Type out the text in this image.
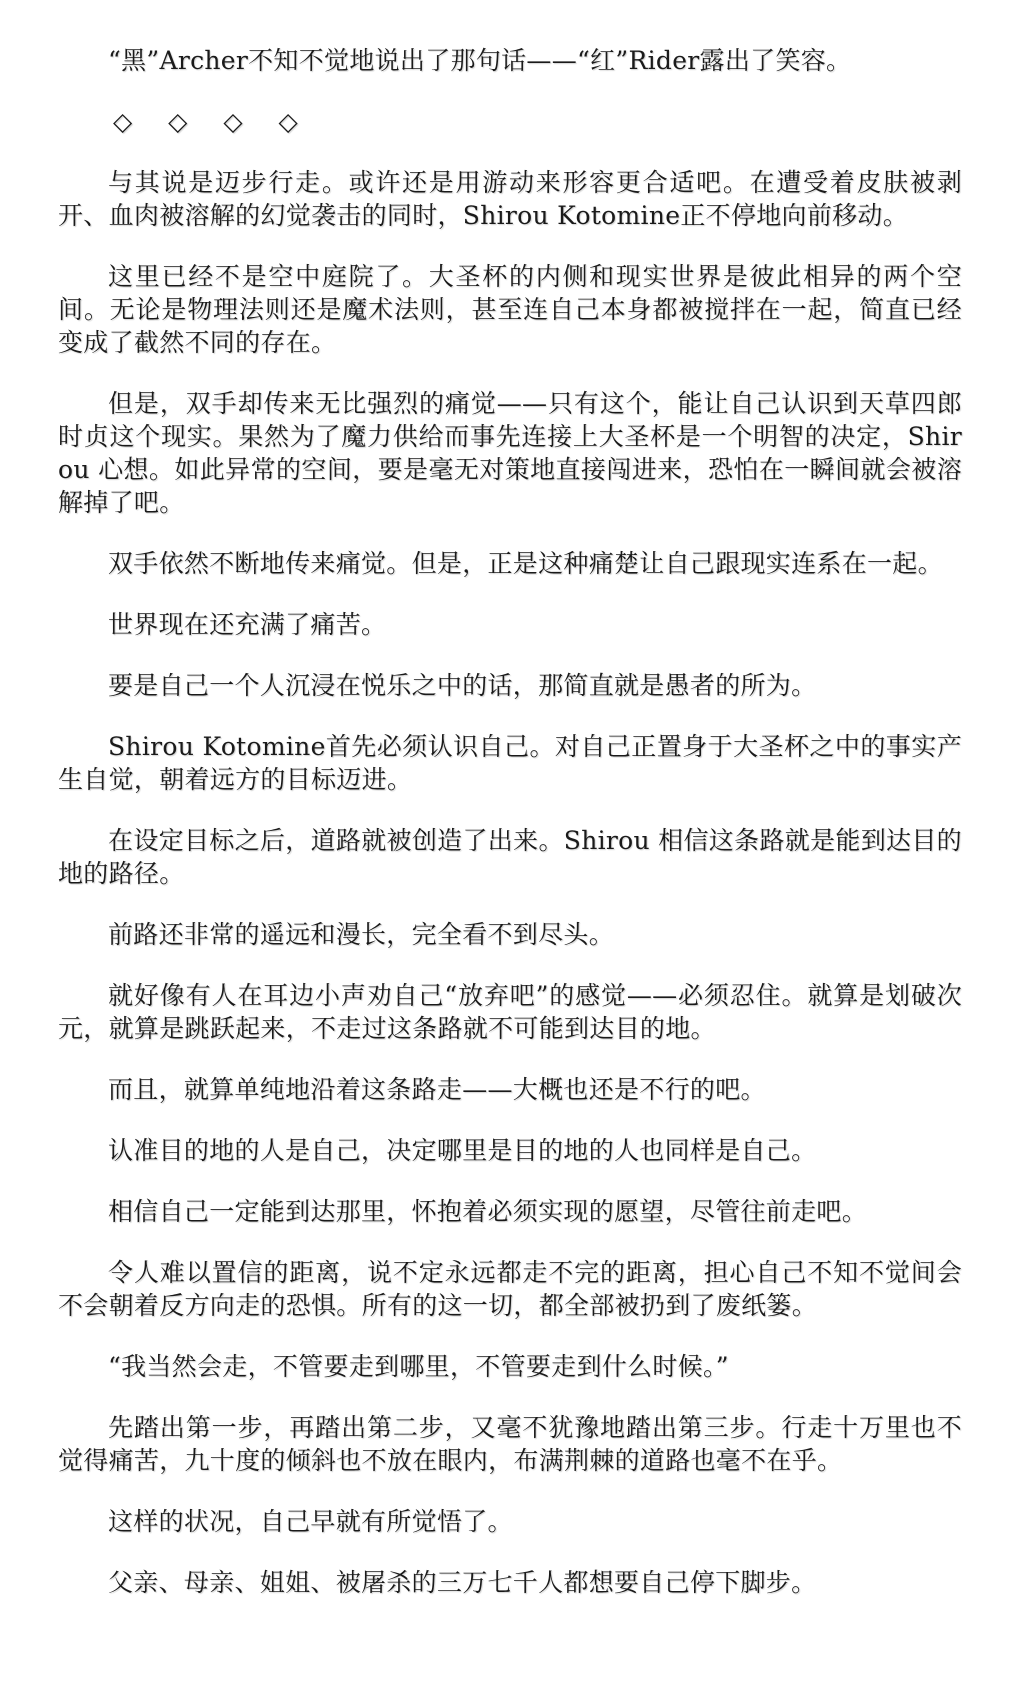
“黑”Archer不知不觉地说出了那句话——“红”Rider露出了笑容。

◇ ◇ ◇ ◇

与其说是迈步行走。或许还是用游动来形容更合适吧。在遭受着皮肤被剥开、血肉被溶解的幻觉袭击的同时，Shirou Kotomine正不停地向前移动。

这里已经不是空中庭院了。大圣杯的内侧和现实世界是彼此相异的两个空间。无论是物理法则还是魔术法则，甚至连自己本身都被搅拌在一起，简直已经变成了截然不同的存在。

但是，双手却传来无比强烈的痛觉——只有这个，能让自己认识到天草四郎时贞这个现实。果然为了魔力供给而事先连接上大圣杯是一个明智的决定，Shirou 心想。如此异常的空间，要是毫无对策地直接闯进来，恐怕在一瞬间就会被溶解掉了吧。

双手依然不断地传来痛觉。但是，正是这种痛楚让自己跟现实连系在一起。

世界现在还充满了痛苦。

要是自己一个人沉浸在悦乐之中的话，那简直就是愚者的所为。

Shirou Kotomine首先必须认识自己。对自己正置身于大圣杯之中的事实产生自觉，朝着远方的目标迈进。

在设定目标之后，道路就被创造了出来。Shirou 相信这条路就是能到达目的地的路径。

前路还非常的遥远和漫长，完全看不到尽头。

就好像有人在耳边小声劝自己“放弃吧”的感觉——必须忍住。就算是划破次元，就算是跳跃起来，不走过这条路就不可能到达目的地。

而且，就算单纯地沿着这条路走——大概也还是不行的吧。

认准目的地的人是自己，决定哪里是目的地的人也同样是自己。

相信自己一定能到达那里，怀抱着必须实现的愿望，尽管往前走吧。

令人难以置信的距离，说不定永远都走不完的距离，担心自己不知不觉间会不会朝着反方向走的恐惧。所有的这一切，都全部被扔到了废纸篓。

“我当然会走，不管要走到哪里，不管要走到什么时候。”

先踏出第一步，再踏出第二步，又毫不犹豫地踏出第三步。行走十万里也不觉得痛苦，九十度的倾斜也不放在眼内，布满荆棘的道路也毫不在乎。

这样的状况，自己早就有所觉悟了。

父亲、母亲、姐姐、被屠杀的三万七千人都想要自己停下脚步。
